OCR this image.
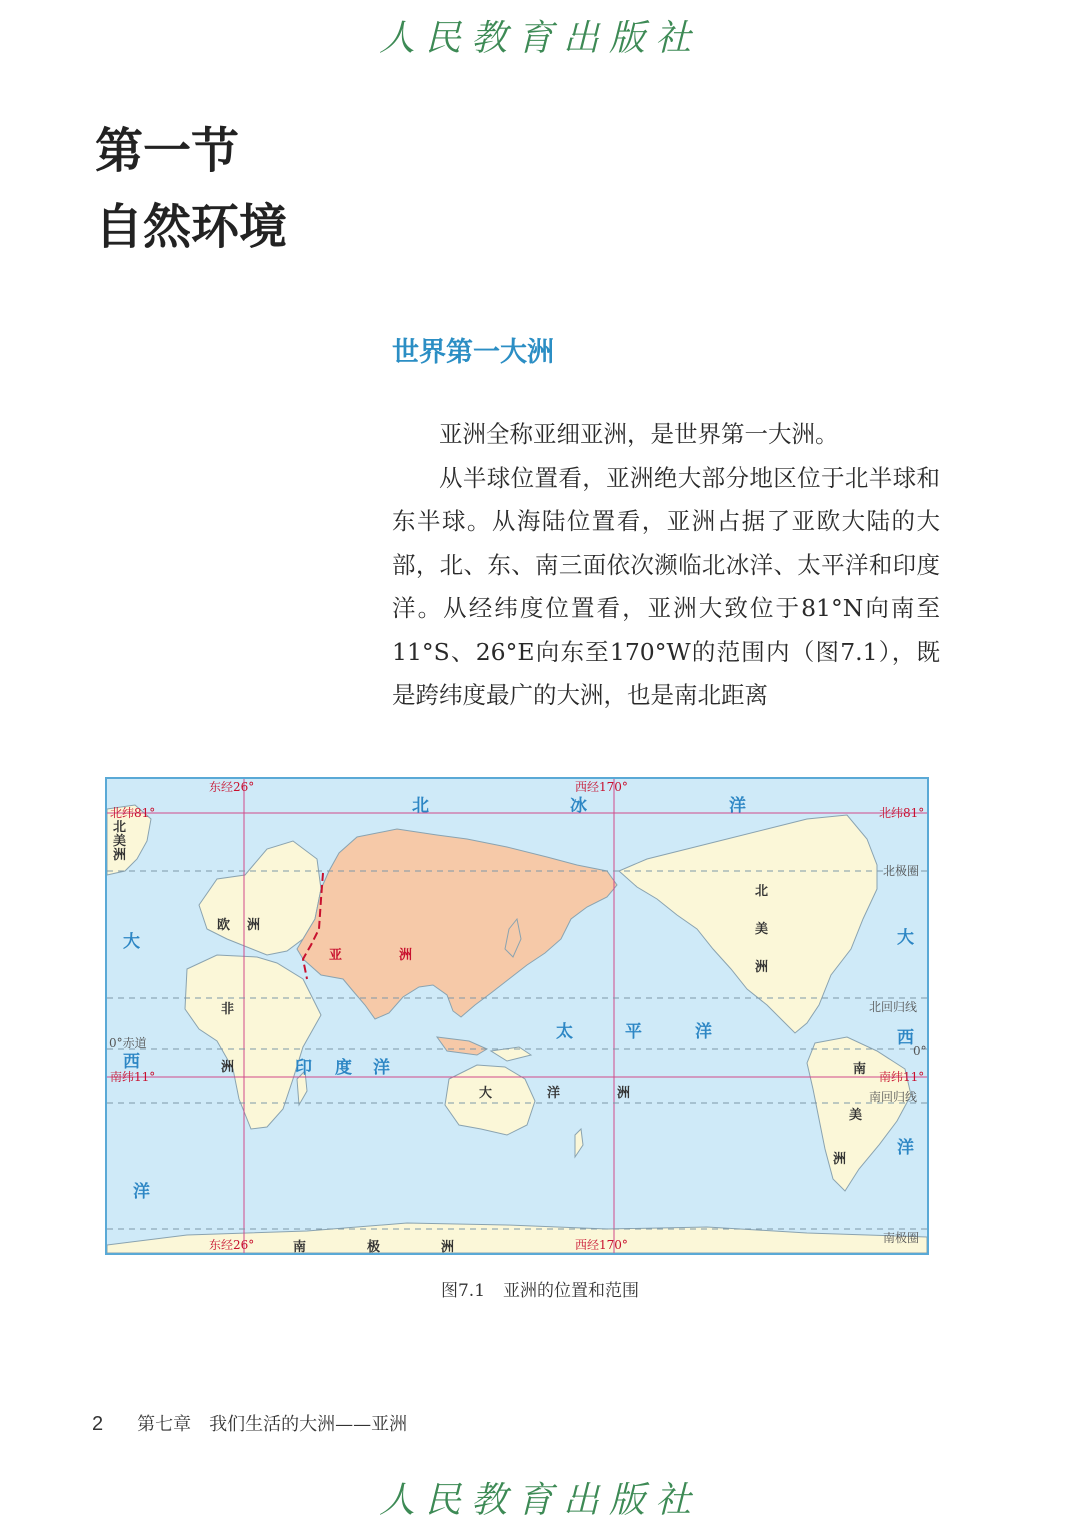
人民教育出版社
第一节
自然环境
世界第一大洲

亚洲全称亚细亚洲，是世界第一大洲。

从半球位置看，亚洲绝大部分地区位于北半球和东半球。从海陆位置看，亚洲占据了亚欧大陆的大部，北、东、南三面依次濒临北冰洋、太平洋和印度洋。从经纬度位置看，亚洲大致位于81°N向南至11°S、26°E向东至170°W的范围内（图7.1），既是跨纬度最广的大洲，也是南北距离

东经26°	西经170°
东经26°	西经170°
北纬81°	北纬81°
南纬11°	南纬11°
北极圈
北回归线
0°赤道
0°
南回归线
南极圈
北	冰	洋
大
西
洋
太	平	洋
印 度 洋
大
西
洋
亚	洲
欧 洲
非
洲
北
美
洲
北
美
洲
南
美
洲
大	洋	洲
南	极	洲
图7.1 亚洲的位置和范围
2 第七章 我们生活的大洲——亚洲
人民教育出版社
